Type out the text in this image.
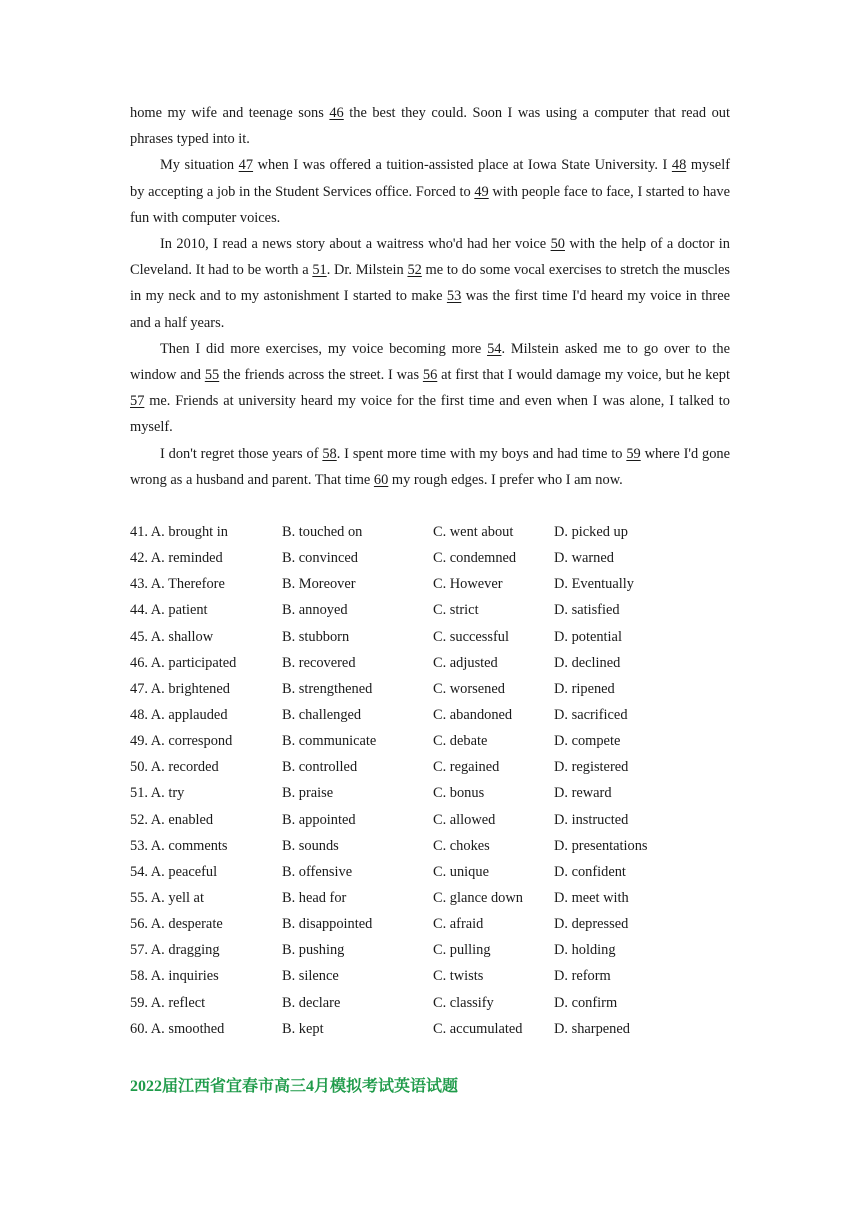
home my wife and teenage sons 46 the best they could. Soon I was using a computer that read out phrases typed into it.

My situation 47 when I was offered a tuition-assisted place at Iowa State University. I 48 myself by accepting a job in the Student Services office. Forced to 49 with people face to face, I started to have fun with computer voices.

In 2010, I read a news story about a waitress who'd had her voice 50 with the help of a doctor in Cleveland. It had to be worth a 51. Dr. Milstein 52 me to do some vocal exercises to stretch the muscles in my neck and to my astonishment I started to make 53 was the first time I'd heard my voice in three and a half years.

Then I did more exercises, my voice becoming more 54. Milstein asked me to go over to the window and 55 the friends across the street. I was 56 at first that I would damage my voice, but he kept 57 me. Friends at university heard my voice for the first time and even when I was alone, I talked to myself.

I don't regret those years of 58. I spent more time with my boys and had time to 59 where I'd gone wrong as a husband and parent. That time 60 my rough edges. I prefer who I am now.

41. A. brought in	B. touched on	C. went about	D. picked up
42. A. reminded	B. convinced	C. condemned	D. warned
43. A. Therefore	B. Moreover	C. However	D. Eventually
44. A. patient	B. annoyed	C. strict	D. satisfied
45. A. shallow	B. stubborn	C. successful	D. potential
46. A. participated	B. recovered	C. adjusted	D. declined
47. A. brightened	B. strengthened	C. worsened	D. ripened
48. A. applauded	B. challenged	C. abandoned	D. sacrificed
49. A. correspond	B. communicate	C. debate	D. compete
50. A. recorded	B. controlled	C. regained	D. registered
51. A. try	B. praise	C. bonus	D. reward
52. A. enabled	B. appointed	C. allowed	D. instructed
53. A. comments	B. sounds	C. chokes	D. presentations
54. A. peaceful	B. offensive	C. unique	D. confident
55. A. yell at	B. head for	C. glance down D. meet with
56. A. desperate	B. disappointed	C. afraid	D. depressed
57. A. dragging	B. pushing	C. pulling	D. holding
58. A. inquiries	B. silence	C. twists	D. reform
59. A. reflect	B. declare	C. classify	D. confirm
60. A. smoothed	B. kept	C. accumulated D. sharpened
2022届江西省宜春市高三4月模拟考试英语试题
